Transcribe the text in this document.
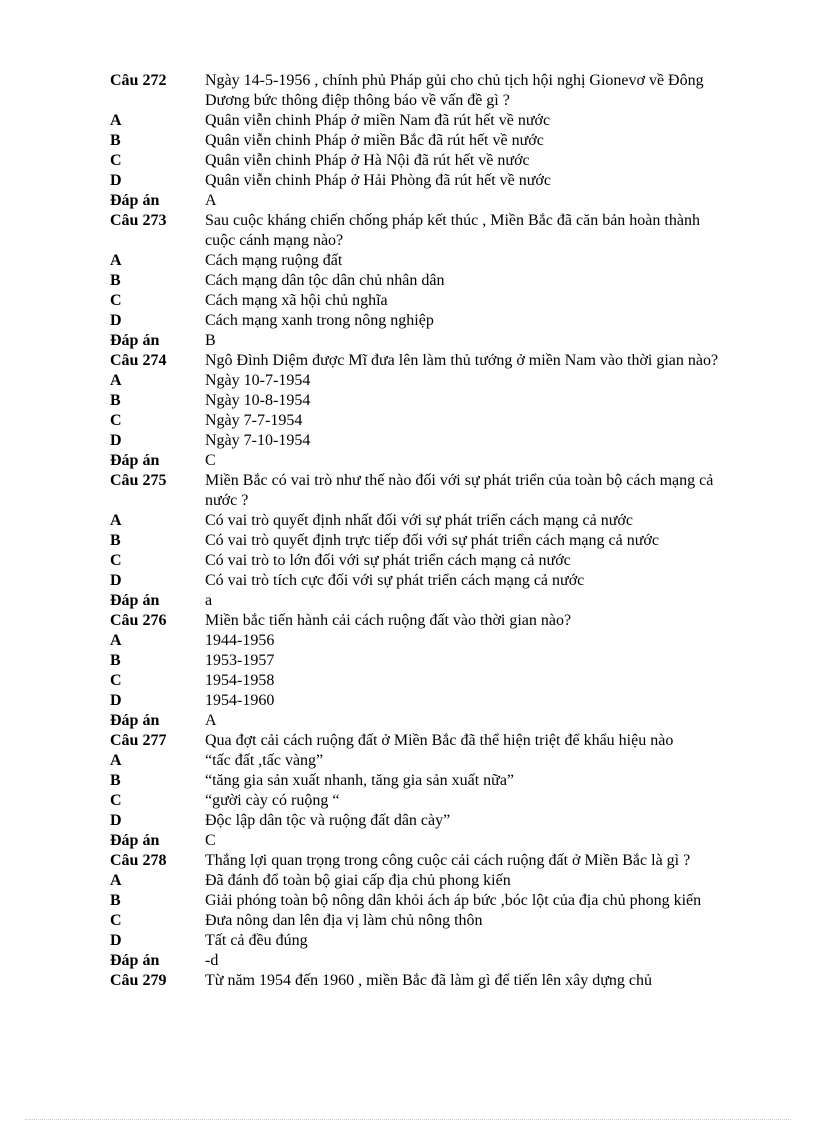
Câu 272	Ngày 14-5-1956 , chính phủ Pháp gủi cho chủ tịch hội nghị Gionevơ về Đông Dương bức thông điệp thông báo về vấn đề gì ?
A	Quân viễn chinh Pháp ở miền Nam đã rút hết về nước
B	Quân viễn chinh Pháp ở miền Bắc đã rút hết về nước
C	Quân viễn chinh Pháp ở Hà Nội đã rút hết về nước
D	Quân viễn chinh Pháp ở Hải Phòng đã rút hết về nước
Đáp án	A
Câu 273	Sau cuộc kháng chiến chống pháp kết thúc , Miền Bắc đã căn bản hoàn thành cuộc cánh mạng nào?
A	Cách mạng ruộng đất
B	Cách mạng dân tộc dân chủ nhân dân
C	Cách mạng xã hội chủ nghĩa
D	Cách mạng xanh trong nông nghiệp
Đáp án	B
Câu 274	Ngô Đình Diệm được Mĩ đưa lên làm thủ tướng ở miền Nam vào thời gian nào?
A	Ngày 10-7-1954
B	Ngày 10-8-1954
C	Ngày 7-7-1954
D	Ngày 7-10-1954
Đáp án	C
Câu 275	Miền Bắc có vai trò như thế nào đối với sự phát triển của toàn bộ cách mạng cả nước ?
A	Có vai trò quyết định nhất đối với sự phát triển cách mạng cả nước
B	Có vai trò quyết định trực tiếp đối với sự phát triển cách mạng cả nước
C	Có vai trò to lớn đối với sự phát triển cách mạng cả nước
D	Có vai trò tích cực đối với sự phát triển cách mạng cả nước
Đáp án	a
Câu 276	Miền bắc tiến hành cải cách ruộng đất vào thời gian nào?
A	1944-1956
B	1953-1957
C	1954-1958
D	1954-1960
Đáp án	A
Câu 277	Qua đợt cải cách ruộng đất ở Miền Bắc đã thể hiện triệt để khẩu hiệu nào
A	“tấc đất ,tấc vàng”
B	“tăng gia sản xuất nhanh, tăng gia sản xuất nữa”
C	“gười cày có ruộng “
D	Độc lập dân tộc và ruộng đất dân cày”
Đáp án	C
Câu 278	Thắng lợi quan trọng trong công cuộc cải cách ruộng đất ở Miền Bắc là gì ?
A	Đã đánh đổ toàn bộ giai cấp địa chủ phong kiến
B	Giải phóng toàn bộ nông dân khỏi ách áp bức ,bóc lột của địa chủ phong kiến
C	Đưa nông dan lên địa vị làm chủ nông thôn
D	Tất cả đều đúng
Đáp án	-d
Câu 279	Từ năm 1954 đến 1960 , miền Bắc đã làm gì để tiến lên xây dựng chủ
